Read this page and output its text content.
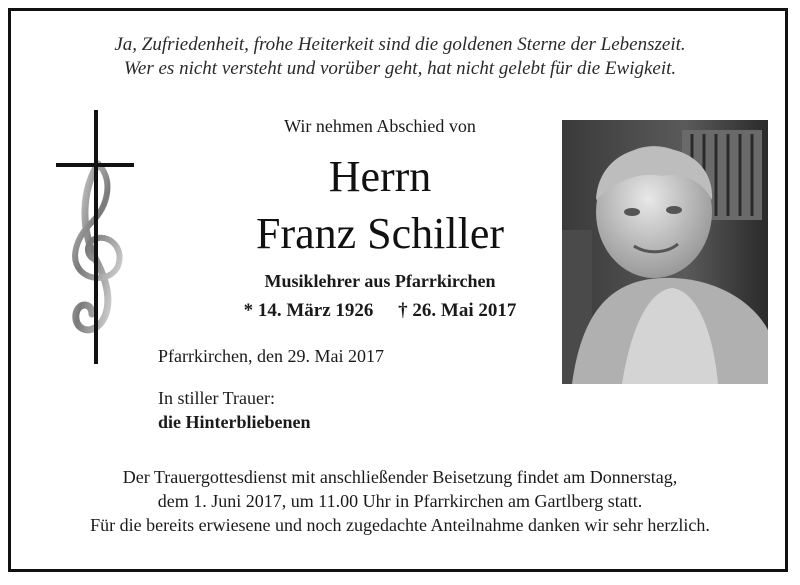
Ja, Zufriedenheit, frohe Heiterkeit sind die goldenen Sterne der Lebenszeit.
Wer es nicht versteht und vorüber geht, hat nicht gelebt für die Ewigkeit.
Wir nehmen Abschied von
Herrn
Franz Schiller
Musiklehrer aus Pfarrkirchen
* 14. März 1926 † 26. Mai 2017
Pfarrkirchen, den 29. Mai 2017
In stiller Trauer:
die Hinterbliebenen
Der Trauergottesdienst mit anschließender Beisetzung findet am Donnerstag,
dem 1. Juni 2017, um 11.00 Uhr in Pfarrkirchen am Gartlberg statt.
Für die bereits erwiesene und noch zugedachte Anteilnahme danken wir sehr herzlich.
